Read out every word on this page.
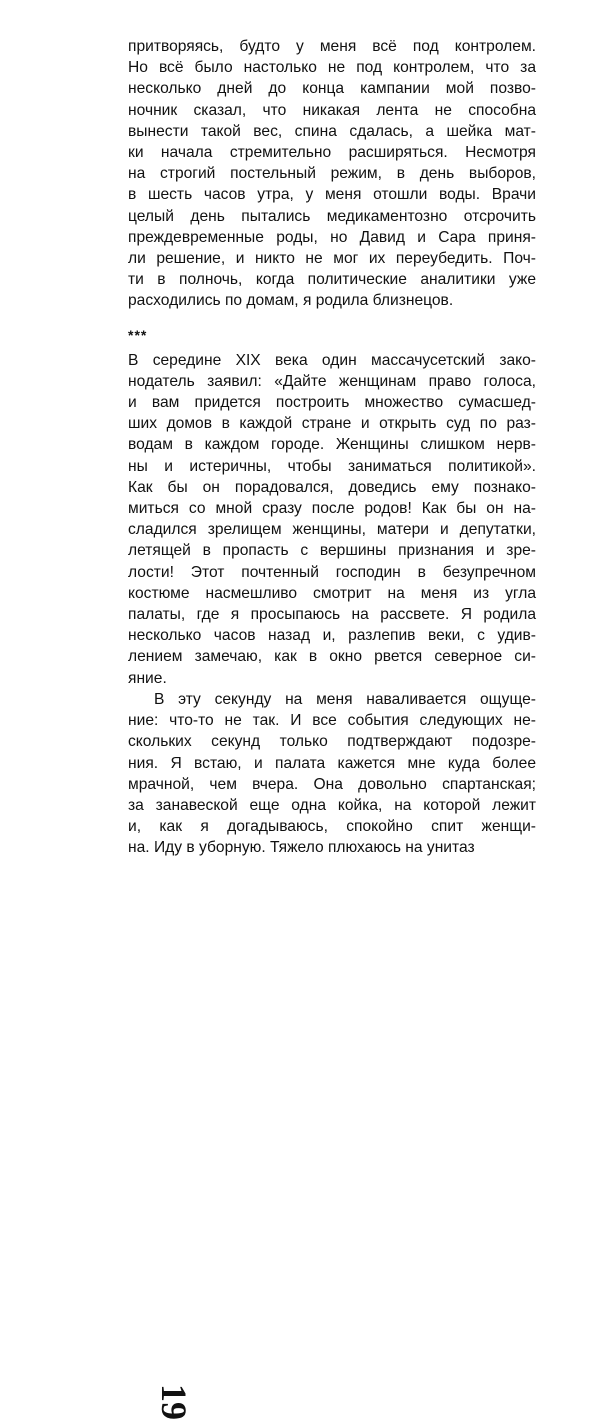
притворяясь, будто у меня всё под контролем.
Но всё было настолько не под контролем, что за
несколько дней до конца кампании мой позво-
ночник сказал, что никакая лента не способна
вынести такой вес, спина сдалась, а шейка мат-
ки начала стремительно расширяться. Несмотря
на строгий постельный режим, в день выборов,
в шесть часов утра, у меня отошли воды. Врачи
целый день пытались медикаментозно отсрочить
преждевременные роды, но Давид и Сара приня-
ли решение, и никто не мог их переубедить. Поч-
ти в полночь, когда политические аналитики уже
расходились по домам, я родила близнецов.
***
В середине XIX века один массачусетский зако-
нодатель заявил: «Дайте женщинам право голоса,
и вам придется построить множество сумасшед-
ших домов в каждой стране и открыть суд по раз-
водам в каждом городе. Женщины слишком нерв-
ны и истеричны, чтобы заниматься политикой».
Как бы он порадовался, доведись ему познако-
миться со мной сразу после родов! Как бы он на-
сладился зрелищем женщины, матери и депутатки,
летящей в пропасть с вершины признания и зре-
лости! Этот почтенный господин в безупречном
костюме насмешливо смотрит на меня из угла
палаты, где я просыпаюсь на рассвете. Я родила
несколько часов назад и, разлепив веки, с удив-
лением замечаю, как в окно рвется северное си-
яние.
В эту секунду на меня наваливается ощуще-
ние: что-то не так. И все события следующих не-
скольких секунд только подтверждают подозре-
ния. Я встаю, и палата кажется мне куда более
мрачной, чем вчера. Она довольно спартанская;
за занавеской еще одна койка, на которой лежит
и, как я догадываюсь, спокойно спит женщи-
на. Иду в уборную. Тяжело плюхаюсь на унитаз
19
